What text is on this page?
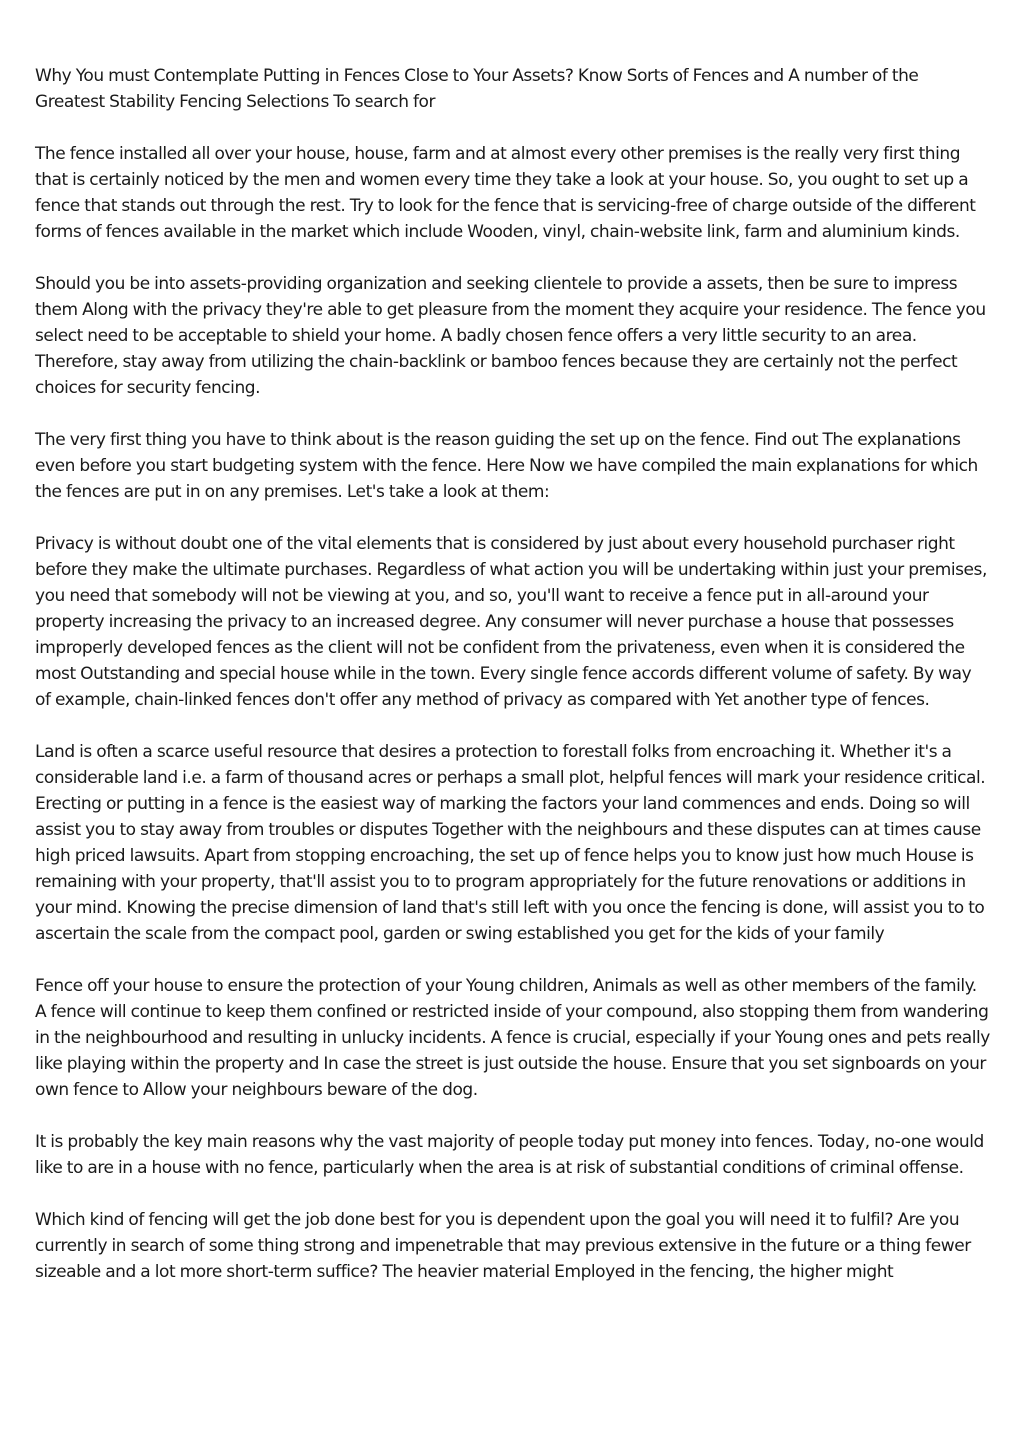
Why You must Contemplate Putting in Fences Close to Your Assets? Know Sorts of Fences and A number of the Greatest Stability Fencing Selections To search for

The fence installed all over your house, house, farm and at almost every other premises is the really very first thing that is certainly noticed by the men and women every time they take a look at your house. So, you ought to set up a fence that stands out through the rest. Try to look for the fence that is servicing-free of charge outside of the different forms of fences available in the market which include Wooden, vinyl, chain-website link, farm and aluminium kinds.

Should you be into assets-providing organization and seeking clientele to provide a assets, then be sure to impress them Along with the privacy they're able to get pleasure from the moment they acquire your residence. The fence you select need to be acceptable to shield your home. A badly chosen fence offers a very little security to an area. Therefore, stay away from utilizing the chain-backlink or bamboo fences because they are certainly not the perfect choices for security fencing.

The very first thing you have to think about is the reason guiding the set up on the fence. Find out The explanations even before you start budgeting system with the fence. Here Now we have compiled the main explanations for which the fences are put in on any premises. Let's take a look at them:

Privacy is without doubt one of the vital elements that is considered by just about every household purchaser right before they make the ultimate purchases. Regardless of what action you will be undertaking within just your premises, you need that somebody will not be viewing at you, and so, you'll want to receive a fence put in all-around your property increasing the privacy to an increased degree. Any consumer will never purchase a house that possesses improperly developed fences as the client will not be confident from the privateness, even when it is considered the most Outstanding and special house while in the town. Every single fence accords different volume of safety. By way of example, chain-linked fences don't offer any method of privacy as compared with Yet another type of fences.

Land is often a scarce useful resource that desires a protection to forestall folks from encroaching it. Whether it's a considerable land i.e. a farm of thousand acres or perhaps a small plot, helpful fences will mark your residence critical. Erecting or putting in a fence is the easiest way of marking the factors your land commences and ends. Doing so will assist you to stay away from troubles or disputes Together with the neighbours and these disputes can at times cause high priced lawsuits. Apart from stopping encroaching, the set up of fence helps you to know just how much House is remaining with your property, that'll assist you to to program appropriately for the future renovations or additions in your mind. Knowing the precise dimension of land that's still left with you once the fencing is done, will assist you to to ascertain the scale from the compact pool, garden or swing established you get for the kids of your family

Fence off your house to ensure the protection of your Young children, Animals as well as other members of the family. A fence will continue to keep them confined or restricted inside of your compound, also stopping them from wandering in the neighbourhood and resulting in unlucky incidents. A fence is crucial, especially if your Young ones and pets really like playing within the property and In case the street is just outside the house. Ensure that you set signboards on your own fence to Allow your neighbours beware of the dog.

It is probably the key main reasons why the vast majority of people today put money into fences. Today, no-one would like to are in a house with no fence, particularly when the area is at risk of substantial conditions of criminal offense.

Which kind of fencing will get the job done best for you is dependent upon the goal you will need it to fulfil? Are you currently in search of some thing strong and impenetrable that may previous extensive in the future or a thing fewer sizeable and a lot more short-term suffice? The heavier material Employed in the fencing, the higher might
